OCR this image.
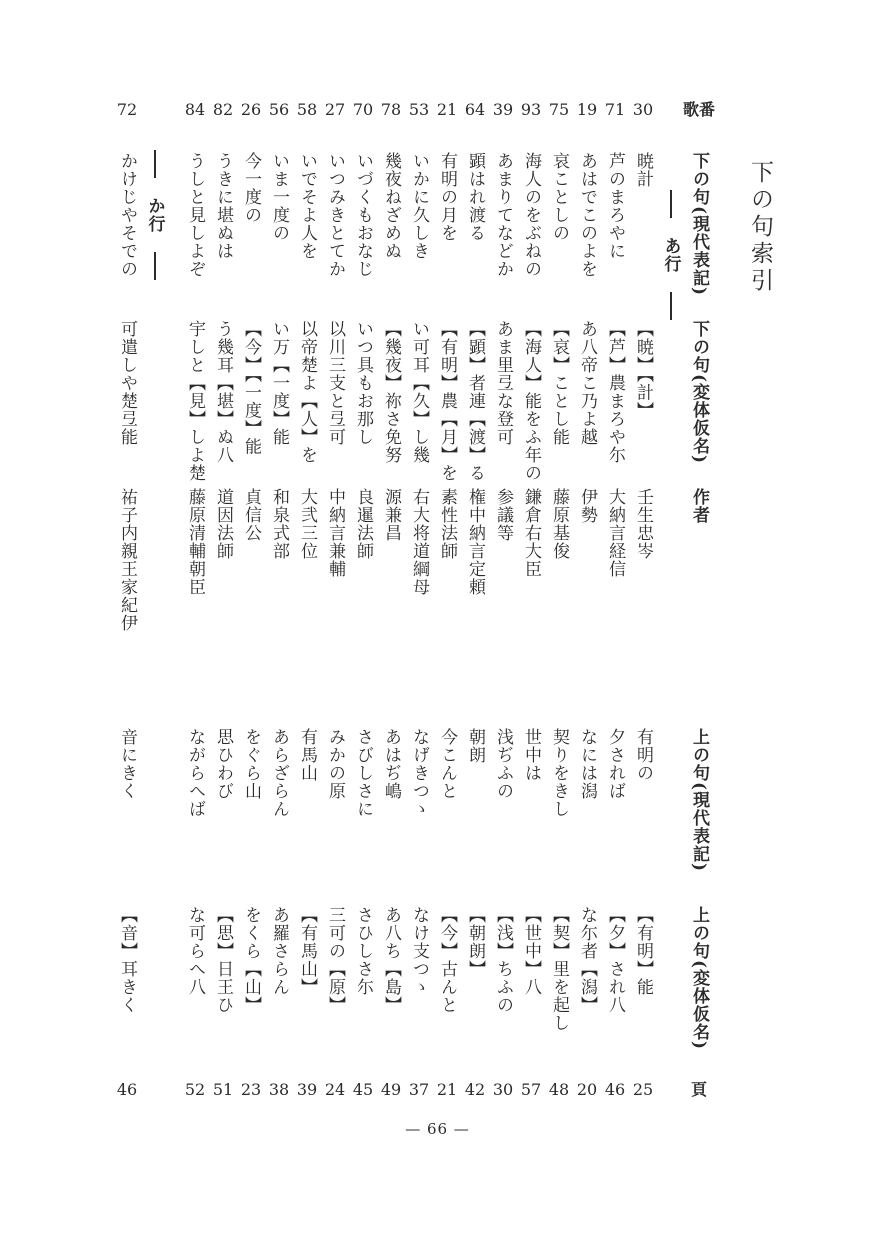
下の句索引
歌番
下の句(現代表記)
下の句(変体仮名)
作者
上の句(現代表記)
上の句(変体仮名)
頁
あ行
か行
30
暁計
【暁】【計】
壬生忠岑
有明の
【有明】能
25
71
芦のまろやに
【芦】農まろや尓
大納言経信
夕されば
【夕】され八
46
19
あはでこのよを
あ八帝こ乃よ越
伊勢
なには潟
な尓者【潟】
20
75
哀ことしの
【哀】ことし能
藤原基俊
契りをきし
【契】里を起し
48
93
海人のをぶねの
【海人】能をふ年の
鎌倉右大臣
世中は
【世中】八
57
39
あまりてなどか
あま里弖な登可
参議等
浅ぢふの
【浅】ちふの
30
64
顕はれ渡る
【顕】者連【渡】る
権中納言定頼
朝朗
【朝朗】
42
21
有明の月を
【有明】農【月】を
素性法師
今こんと
【今】古んと
21
53
いかに久しき
い可耳【久】し幾
右大将道綱母
なげきつゝ
なけ支つゝ
37
78
幾夜ねざめぬ
【幾夜】祢さ免努
源兼昌
あはぢ嶋
あ八ち【島】
49
70
いづくもおなじ
いつ具もお那し
良暹法師
さびしさに
さひしさ尓
45
27
いつみきとてか
以川三支と弖可
中納言兼輔
みかの原
三可の【原】
24
58
いでそよ人を
以帝楚よ【人】を
大弐三位
有馬山
【有馬山】
39
56
いま一度の
い万【一度】能
和泉式部
あらざらん
あ羅さらん
38
26
今一度の
【今】【一度】能
貞信公
をぐら山
をくら【山】
23
82
うきに堪ぬは
う幾耳【堪】ぬ八
道因法師
思ひわび
【思】日王ひ
51
84
うしと見しよぞ
宇しと【見】しよ楚
藤原清輔朝臣
ながらへば
な可らへ八
52
72
かけじやそでの
可遣しや楚弖能
祐子内親王家紀伊
音にきく
【音】耳きく
46
— 66 —
